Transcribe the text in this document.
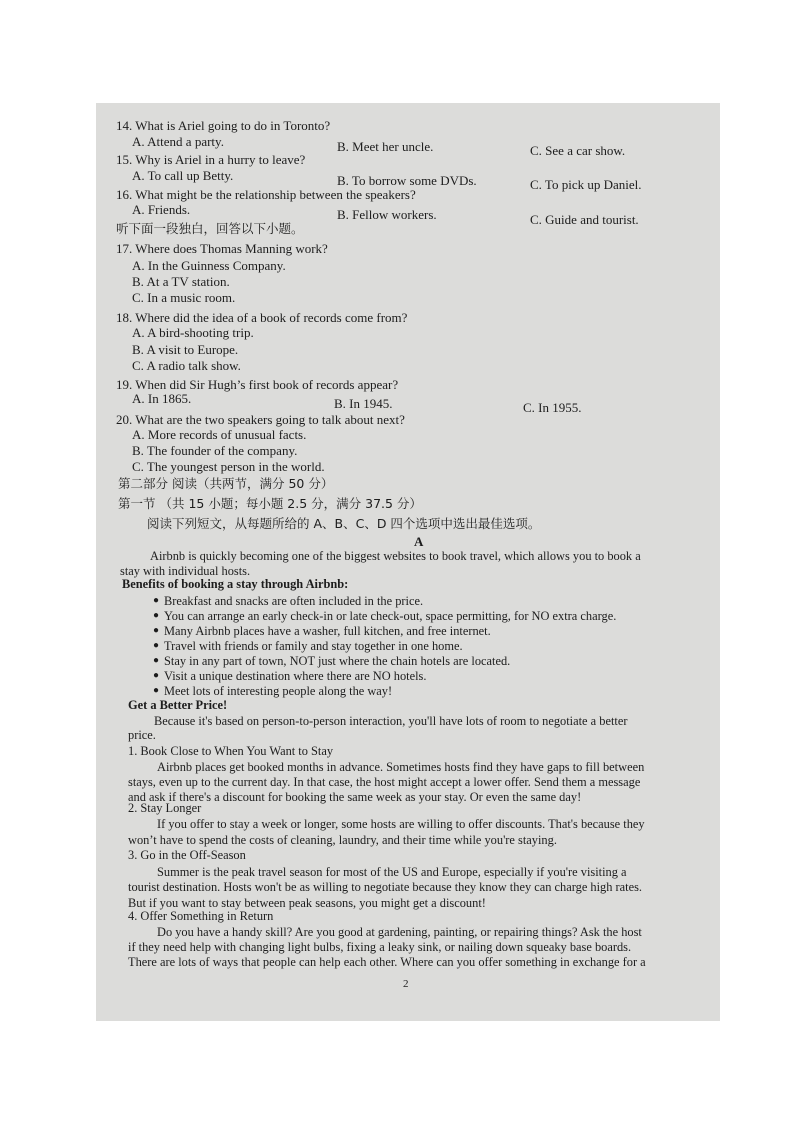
14. What is Ariel going to do in Toronto?
A. Attend a party.	B. Meet her uncle.	C. See a car show.
15. Why is Ariel in a hurry to leave?
A. To call up Betty.	B. To borrow some DVDs.	C. To pick up Daniel.
16. What might be the relationship between the speakers?
A. Friends.	B. Fellow workers.	C. Guide and tourist.
听下面一段独白，回答以下小题。
17. Where does Thomas Manning work?
A. In the Guinness Company.
B. At a TV station.
C. In a music room.
18. Where did the idea of a book of records come from?
A. A bird-shooting trip.
B. A visit to Europe.
C. A radio talk show.
19. When did Sir Hugh’s first book of records appear?
A. In 1865.	B. In 1945.	C. In 1955.
20. What are the two speakers going to talk about next?
A. More records of unusual facts.
B. The founder of the company.
C. The youngest person in the world.
第二部分 阅读（共两节，满分 50 分）
第一节 （共 15 小题；每小题 2.5 分，满分 37.5 分）
阅读下列短文，从每题所给的 A、B、C、D 四个选项中选出最佳选项。
A
Airbnb is quickly becoming one of the biggest websites to book travel, which allows you to book a
stay with individual hosts.
Benefits of booking a stay through Airbnb:
● Breakfast and snacks are often included in the price.
● You can arrange an early check-in or late check-out, space permitting, for NO extra charge.
● Many Airbnb places have a washer, full kitchen, and free internet.
● Travel with friends or family and stay together in one home.
● Stay in any part of town, NOT just where the chain hotels are located.
● Visit a unique destination where there are NO hotels.
● Meet lots of interesting people along the way!
Get a Better Price!
Because it's based on person-to-person interaction, you'll have lots of room to negotiate a better
price.
1. Book Close to When You Want to Stay
Airbnb places get booked months in advance. Sometimes hosts find they have gaps to fill between
stays, even up to the current day. In that case, the host might accept a lower offer. Send them a message
and ask if there's a discount for booking the same week as your stay. Or even the same day!
2. Stay Longer
If you offer to stay a week or longer, some hosts are willing to offer discounts. That's because they
won’t have to spend the costs of cleaning, laundry, and their time while you're staying.
3. Go in the Off-Season
Summer is the peak travel season for most of the US and Europe, especially if you're visiting a
tourist destination. Hosts won't be as willing to negotiate because they know they can charge high rates.
But if you want to stay between peak seasons, you might get a discount!
4. Offer Something in Return
Do you have a handy skill? Are you good at gardening, painting, or repairing things? Ask the host
if they need help with changing light bulbs, fixing a leaky sink, or nailing down squeaky base boards.
There are lots of ways that people can help each other. Where can you offer something in exchange for a
2
